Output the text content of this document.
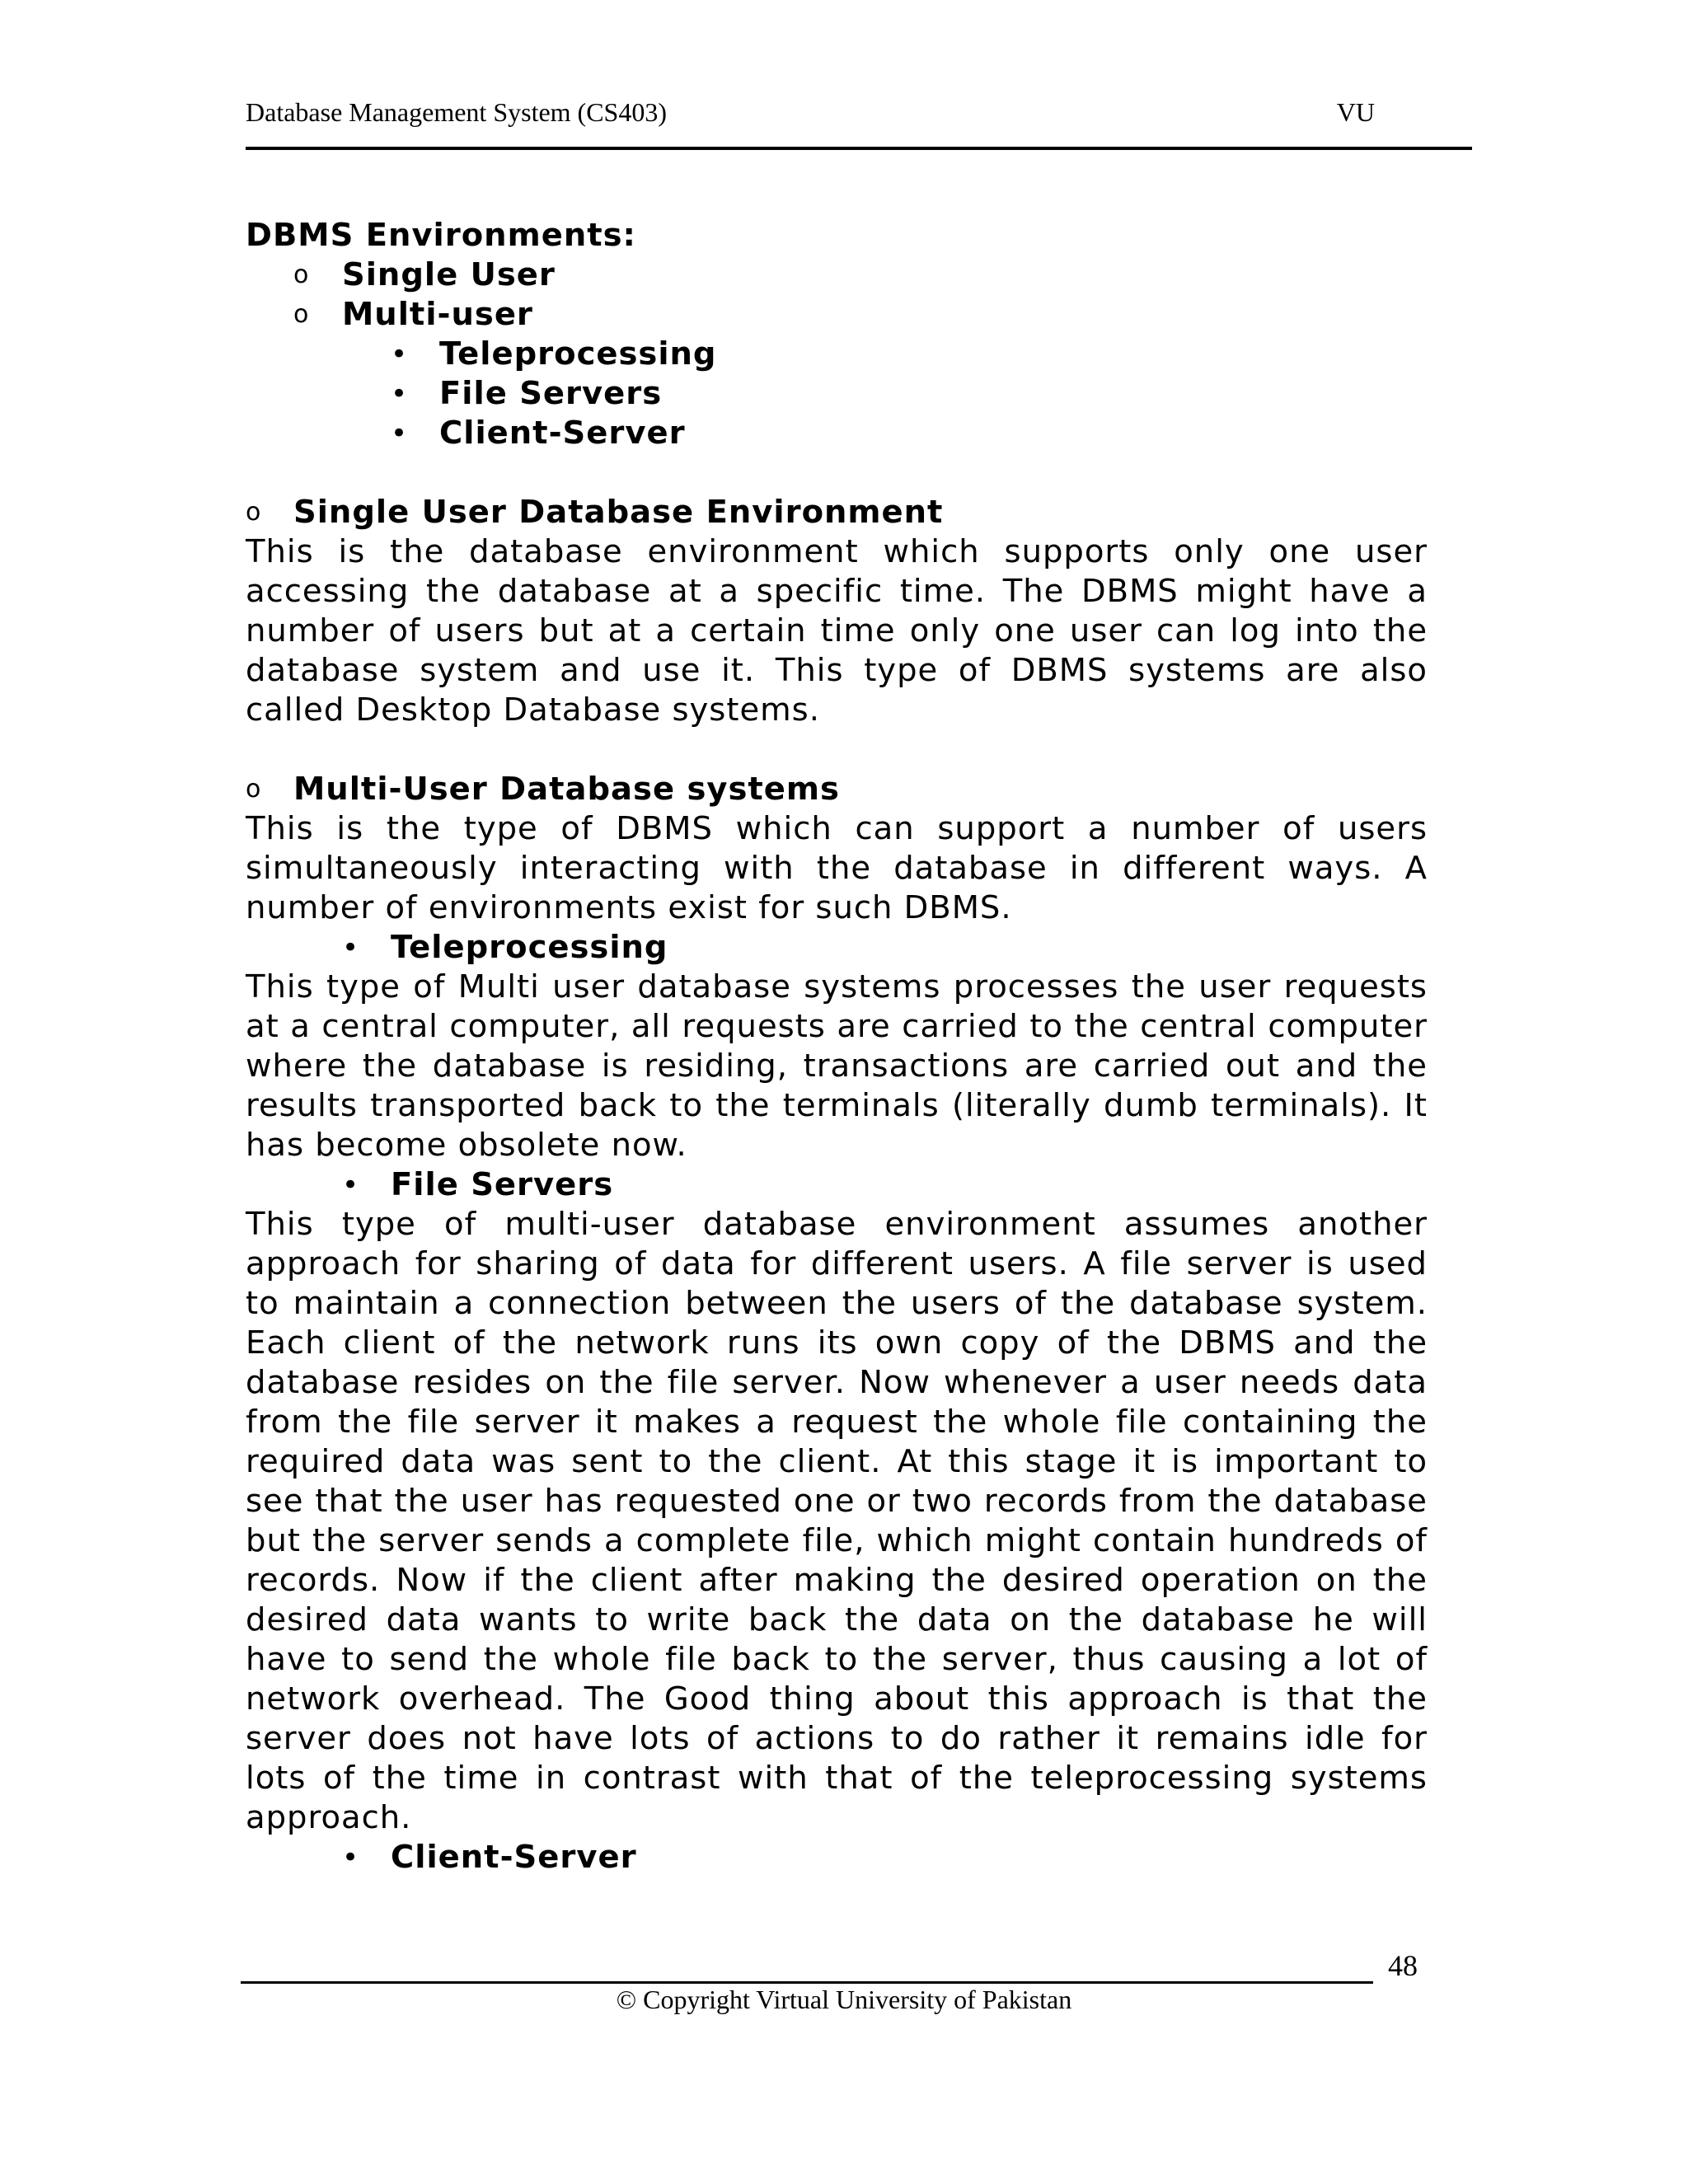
Database Management System (CS403)	VU
DBMS Environments:
o Single User
o Multi-user
• Teleprocessing
• File Servers
• Client-Server
o Single User Database Environment

This is the database environment which supports only one user accessing the database at a specific time. The DBMS might have a number of users but at a certain time only one user can log into the database system and use it. This type of DBMS systems are also called Desktop Database systems.

o Multi-User Database systems

This is the type of DBMS which can support a number of users simultaneously interacting with the database in different ways. A number of environments exist for such DBMS.

• Teleprocessing

This type of Multi user database systems processes the user requests at a central computer, all requests are carried to the central computer where the database is residing, transactions are carried out and the results transported back to the terminals (literally dumb terminals). It has become obsolete now.

• File Servers

This type of multi-user database environment assumes another approach for sharing of data for different users. A file server is used to maintain a connection between the users of the database system. Each client of the network runs its own copy of the DBMS and the database resides on the file server. Now whenever a user needs data from the file server it makes a request the whole file containing the required data was sent to the client. At this stage it is important to see that the user has requested one or two records from the database but the server sends a complete file, which might contain hundreds of records. Now if the client after making the desired operation on the desired data wants to write back the data on the database he will have to send the whole file back to the server, thus causing a lot of network overhead. The Good thing about this approach is that the server does not have lots of actions to do rather it remains idle for lots of the time in contrast with that of the teleprocessing systems approach.

• Client-Server
48
© Copyright Virtual University of Pakistan
